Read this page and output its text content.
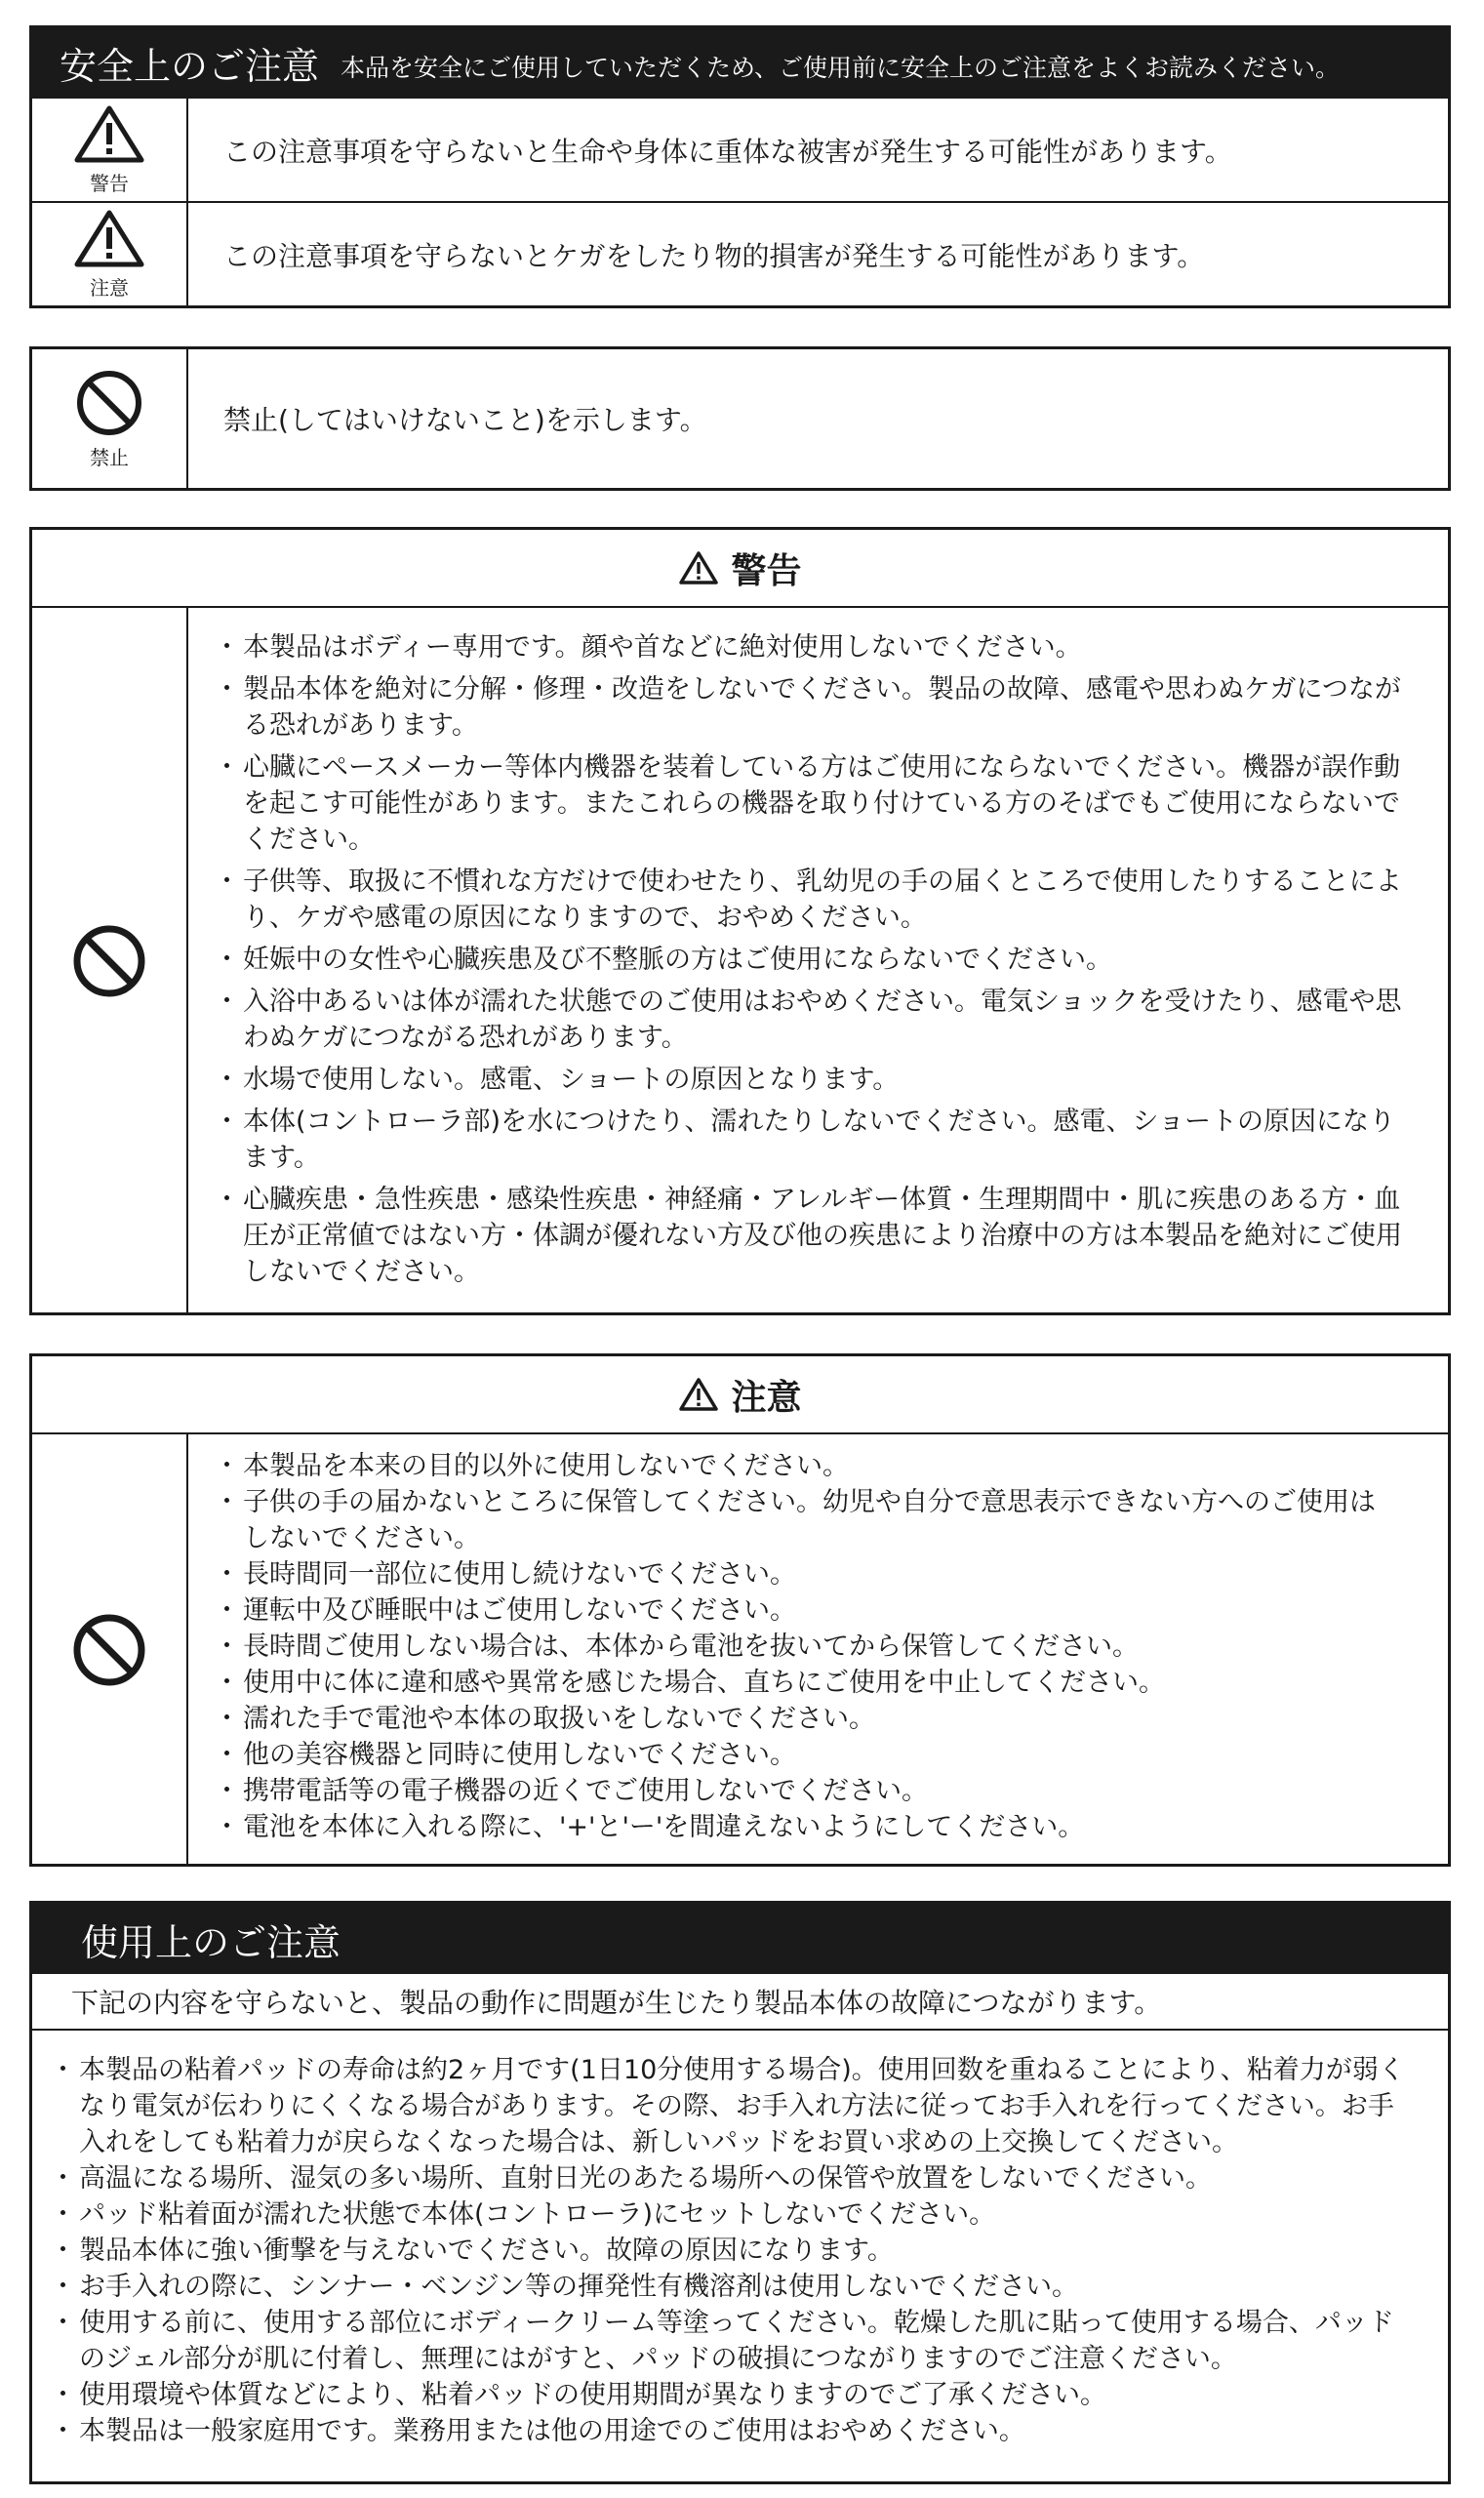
安全上のご注意 本品を安全にご使用していただくため、ご使用前に安全上のご注意をよくお読みください。
警告
この注意事項を守らないと生命や身体に重体な被害が発生する可能性があります。
注意
この注意事項を守らないとケガをしたり物的損害が発生する可能性があります。
禁止
禁止(してはいけないこと)を示します。
警告
・ 本製品はボディー専用です。顔や首などに絶対使用しないでください。
・ 製品本体を絶対に分解・修理・改造をしないでください。製品の故障、感電や思わぬケガにつながる恐れがあります。
・ 心臓にペースメーカー等体内機器を装着している方はご使用にならないでください。機器が誤作動を起こす可能性があります。またこれらの機器を取り付けている方のそばでもご使用にならないでください。
・ 子供等、取扱に不慣れな方だけで使わせたり、乳幼児の手の届くところで使用したりすることにより、ケガや感電の原因になりますので、おやめください。
・ 妊娠中の女性や心臓疾患及び不整脈の方はご使用にならないでください。
・ 入浴中あるいは体が濡れた状態でのご使用はおやめください。電気ショックを受けたり、感電や思わぬケガにつながる恐れがあります。
・ 水場で使用しない。感電、ショートの原因となります。
・ 本体(コントローラ部)を水につけたり、濡れたりしないでください。感電、ショートの原因になります。
・ 心臓疾患・急性疾患・感染性疾患・神経痛・アレルギー体質・生理期間中・肌に疾患のある方・血圧が正常値ではない方・体調が優れない方及び他の疾患により治療中の方は本製品を絶対にご使用しないでください。
注意
・ 本製品を本来の目的以外に使用しないでください。
・ 子供の手の届かないところに保管してください。幼児や自分で意思表示できない方へのご使用はしないでください。
・ 長時間同一部位に使用し続けないでください。
・ 運転中及び睡眠中はご使用しないでください。
・ 長時間ご使用しない場合は、本体から電池を抜いてから保管してください。
・ 使用中に体に違和感や異常を感じた場合、直ちにご使用を中止してください。
・ 濡れた手で電池や本体の取扱いをしないでください。
・ 他の美容機器と同時に使用しないでください。
・ 携帯電話等の電子機器の近くでご使用しないでください。
・ 電池を本体に入れる際に、'+'と'ー'を間違えないようにしてください。
使用上のご注意
下記の内容を守らないと、製品の動作に問題が生じたり製品本体の故障につながります。
・ 本製品の粘着パッドの寿命は約2ヶ月です(1日10分使用する場合)。使用回数を重ねることにより、粘着力が弱くなり電気が伝わりにくくなる場合があります。その際、お手入れ方法に従ってお手入れを行ってください。お手入れをしても粘着力が戻らなくなった場合は、新しいパッドをお買い求めの上交換してください。
・ 高温になる場所、湿気の多い場所、直射日光のあたる場所への保管や放置をしないでください。
・ パッド粘着面が濡れた状態で本体(コントローラ)にセットしないでください。
・ 製品本体に強い衝撃を与えないでください。故障の原因になります。
・ お手入れの際に、シンナー・ベンジン等の揮発性有機溶剤は使用しないでください。
・ 使用する前に、使用する部位にボディークリーム等塗ってください。乾燥した肌に貼って使用する場合、パッドのジェル部分が肌に付着し、無理にはがすと、パッドの破損につながりますのでご注意ください。
・ 使用環境や体質などにより、粘着パッドの使用期間が異なりますのでご了承ください。
・ 本製品は一般家庭用です。業務用または他の用途でのご使用はおやめください。
